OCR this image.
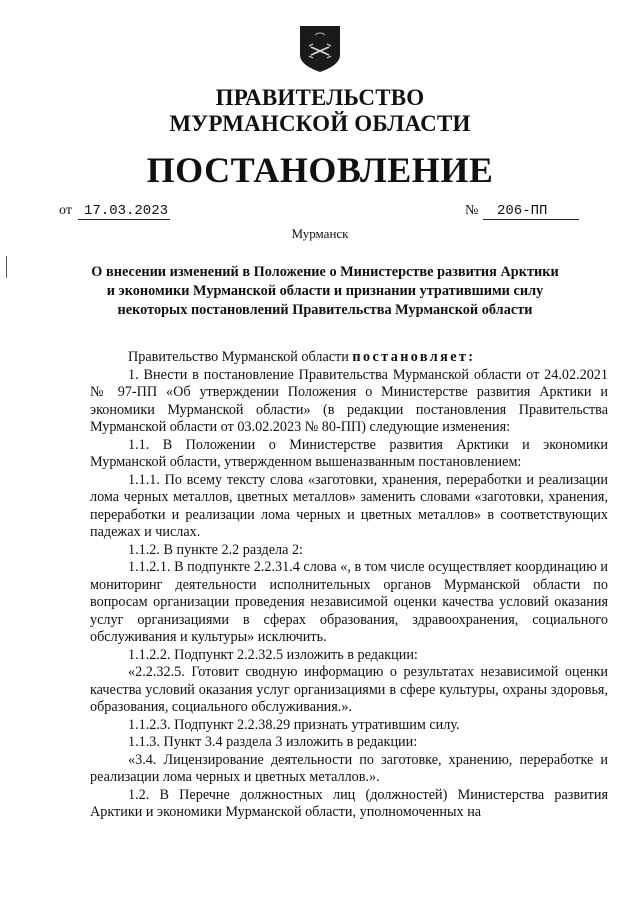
ПРАВИТЕЛЬСТВО
МУРМАНСКОЙ ОБЛАСТИ
ПОСТАНОВЛЕНИЕ
от 17.03.2023	№	206-ПП
Мурманск
О внесении изменений в Положение о Министерстве развития Арктики и экономики Мурманской области и признании утратившими силу некоторых постановлений Правительства Мурманской области

Правительство Мурманской области постановляет:

1. Внести в постановление Правительства Мурманской области от 24.02.2021 № 97-ПП «Об утверждении Положения о Министерстве развития Арктики и экономики Мурманской области» (в редакции постановления Правительства Мурманской области от 03.02.2023 № 80-ПП) следующие изменения:

1.1. В Положении о Министерстве развития Арктики и экономики Мурманской области, утвержденном вышеназванным постановлением:

1.1.1. По всему тексту слова «заготовки, хранения, переработки и реализации лома черных металлов, цветных металлов» заменить словами «заготовки, хранения, переработки и реализации лома черных и цветных металлов» в соответствующих падежах и числах.

1.1.2. В пункте 2.2 раздела 2:

1.1.2.1. В подпункте 2.2.31.4 слова «, в том числе осуществляет координацию и мониторинг деятельности исполнительных органов Мурманской области по вопросам организации проведения независимой оценки качества условий оказания услуг организациями в сферах образования, здравоохранения, социального обслуживания и культуры» исключить.

1.1.2.2. Подпункт 2.2.32.5 изложить в редакции:

«2.2.32.5. Готовит сводную информацию о результатах независимой оценки качества условий оказания услуг организациями в сфере культуры, охраны здоровья, образования, социального обслуживания.».

1.1.2.3. Подпункт 2.2.38.29 признать утратившим силу.

1.1.3. Пункт 3.4 раздела 3 изложить в редакции:

«3.4. Лицензирование деятельности по заготовке, хранению, переработке и реализации лома черных и цветных металлов.».

1.2. В Перечне должностных лиц (должностей) Министерства развития Арктики и экономики Мурманской области, уполномоченных на
